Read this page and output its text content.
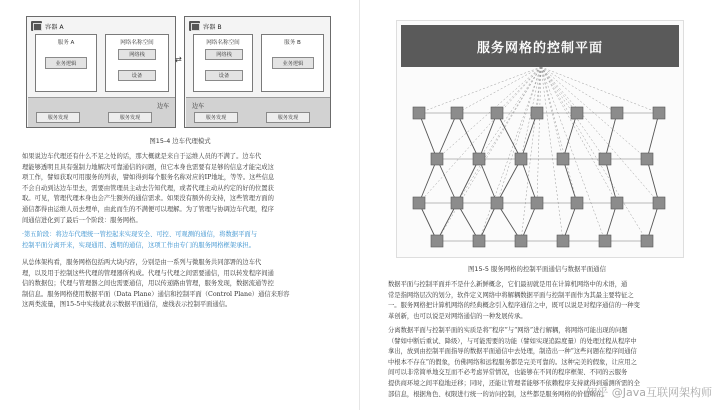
容器 A
服务 A
业务逻辑
网络名称空间
网络栈
设备
边车
服务发现	服务发现
⇄
容器 B
网络名称空间
网络栈
设备
服务 B
业务逻辑
边车
服务发现	服务发现
图15-4 边车代理模式
如果说边车代理还有什么不足之处的话，那大概就是来自于运维人员的不满了。边车代
理能够透明且具有强制力地解决可靠通信的问题，但它本身也需要有足够的信息才能完成这
项工作，譬如获取可用服务的列表，譬如得到每个服务名称对应的IP地址，等等。这些信息
不会自动到达边车里去，需要由管理员主动去告知代理，或者代理主动从约定的好的位置获
取。可见，管理代理本身也会产生额外的通信需求。如果没有额外的支持，这些管理方面的
通信都得由运维人员去埋单，由此而生的不满便可以理解。为了管理与协调边车代理，程序
间通信进化到了最后一个阶段：服务网格。
·第五阶段：将边车代理统一管控起来实现安全、可控、可观测的通信，将数据平面与
控制平面分离开来，实现通用、透明的通信，这项工作由专门的服务网格框架承担。
从总体架构看，服务网格包括两大块内容，分别是由一系列与微服务共同部署的边车代
理，以及用于控制这些代理的管理器所构成。代理与代理之间需要通信，用以转发程序间通
信的数据包；代理与管理器之间也需要通信，用以传递路由管理，服务发现，数据流通等控
制信息。服务网格使用数据平面（Data Plane）通信和控制平面（Control Plane）通信来形容
这两类流量，图15-5中实线就表示数据平面通信，虚线表示控制平面通信。
服务网格的控制平面
图15-5 服务网格的控制平面通信与数据平面通信
数据平面与控制平面并不是什么新鲜概念，它们最初就是用在计算机网络中的术语，通
常是指网络层次的划分，软件定义网络中将解耦数据平面与控制平面作为其最主要特征之
一。服务网格把计算机网络的经典概念引入程序通信之中，既可以说是对程序通信的一种变
革创新，也可以说是对网络通信的一种发展传承。
分离数据平面与控制平面的实质是将“程序”与“网络”进行解耦，将网络可能出现的问题
（譬如中断后重试、降级），与可能需要的功能（譬如实现追踪度量）的处理过程从程序中
拿出，放到由控制平面指导的数据平面通信中去处理，制造出一种“这些问题在程序间通信
中根本不存在”的假象，仿佛网络和远程服务都是完美可靠的。这种完美的假象，让应用之
间可以非常简单地交互而不必考虑异常情况，也能够在不同的程序框架、不同的云服务
提供商环境之间平稳地迁移；同时，还能让管理者能够不依赖程序支持就得到遥测所需的全
部信息，根据角色、权限进行统一的访问控制，这些都是服务网格的价值所在。
知乎 @Java互联网架构师
